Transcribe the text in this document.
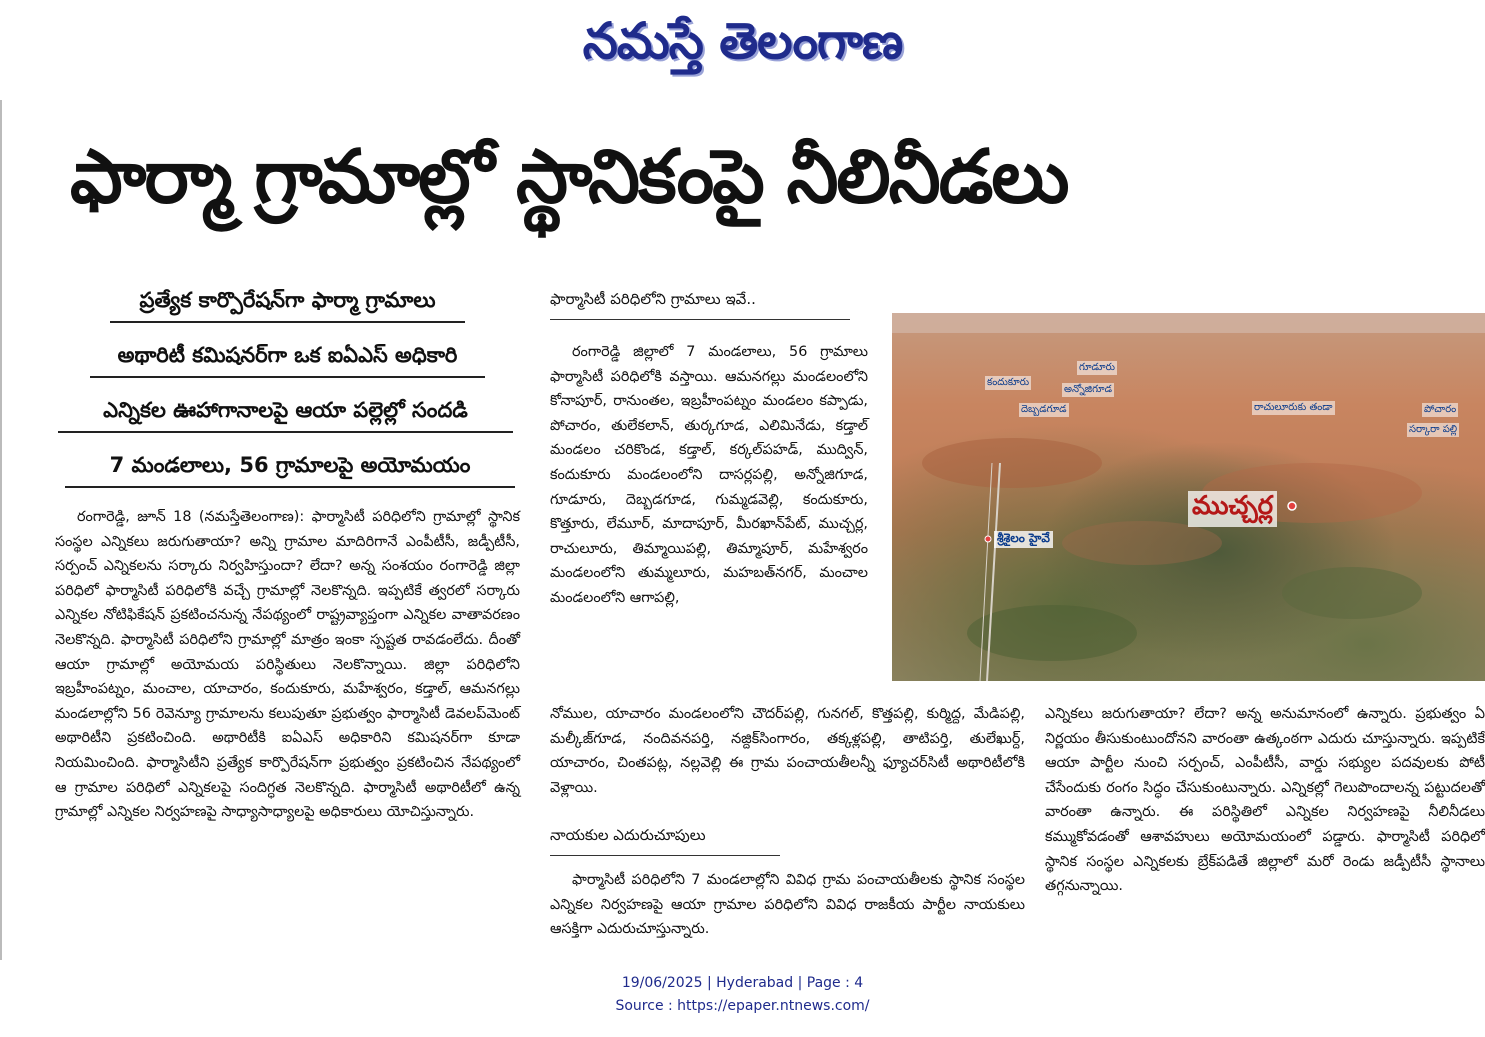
నమస్తే తెలంగాణ
ఫార్మా గ్రామాల్లో స్థానికంపై నీలినీడలు
ప్రత్యేక కార్పొరేషన్‌గా ఫార్మా గ్రామాలు
అథారిటీ కమిషనర్‌గా ఒక ఐఏఎస్‌ అధికారి
ఎన్నికల ఊహాగానాలపై ఆయా పల్లెల్లో సందడి
7 మండలాలు, 56 గ్రామాలపై అయోమయం

రంగారెడ్డి, జూన్‌ 18 (నమస్తేతెలంగాణ): ఫార్మాసిటీ పరిధిలోని గ్రామాల్లో స్థానిక సంస్థల ఎన్నికలు జరుగుతాయా? అన్ని గ్రామాల మాదిరిగానే ఎంపీటీసీ, జడ్పీటీసీ, సర్పంచ్‌ ఎన్నికలను సర్కారు నిర్వహిస్తుందా? లేదా? అన్న సంశయం రంగారెడ్డి జిల్లా పరిధిలో ఫార్మాసిటీ పరిధిలోకి వచ్చే గ్రామాల్లో నెలకొన్నది. ఇప్పటికే త్వరలో సర్కారు ఎన్నికల నోటిఫికేషన్‌ ప్రకటించనున్న నేపథ్యంలో రాష్ట్రవ్యాప్తంగా ఎన్నికల వాతావరణం నెలకొన్నది. ఫార్మాసిటీ పరిధిలోని గ్రామాల్లో మాత్రం ఇంకా స్పష్టత రావడంలేదు. దీంతో ఆయా గ్రామాల్లో అయోమయ పరిస్థితులు నెలకొన్నాయి. జిల్లా పరిధిలోని ఇబ్రహీంపట్నం, మంచాల, యాచారం, కందుకూరు, మహేశ్వరం, కడ్తాల్‌, ఆమనగల్లు మండలాల్లోని 56 రెవెన్యూ గ్రామాలను కలుపుతూ ప్రభుత్వం ఫార్మాసిటీ డెవలప్‌మెంట్‌ అథారిటీని ప్రకటించింది. అథారిటీకి ఐఏఎస్‌ అధికారిని కమిషనర్‌గా కూడా నియమించింది. ఫార్మాసిటీని ప్రత్యేక కార్పొరేషన్‌గా ప్రభుత్వం ప్రకటించిన నేపథ్యంలో ఆ గ్రామాల పరిధిలో ఎన్నికలపై సందిగ్ధత నెలకొన్నది. ఫార్మాసిటీ అథారిటీలో ఉన్న గ్రామాల్లో ఎన్నికల నిర్వహణపై సాధ్యాసాధ్యాలపై అధికారులు యోచిస్తున్నారు.

ఫార్మాసిటీ పరిధిలోని గ్రామాలు ఇవే..

రంగారెడ్డి జిల్లాలో 7 మండలాలు, 56 గ్రామాలు ఫార్మాసిటీ పరిధిలోకి వస్తాయి. ఆమనగల్లు మండలంలోని కోనాపూర్‌, రానుంతల, ఇబ్రహీంపట్నం మండలం కప్పాడు, పోచారం, తులేకలాన్‌, తుర్కగూడ, ఎలిమినేడు, కడ్తాల్‌ మండలం చరికొండ, కడ్తాల్‌, కర్కల్‌పహడ్‌, ముద్విన్‌, కందుకూరు మండలంలోని దాసర్లపల్లి, అన్నోజిగూడ, గూడూరు, దెబ్బడగూడ, గుమ్మడవెల్లి, కందుకూరు, కొత్తూరు, లేమూర్‌, మాదాపూర్‌, మీరఖాన్‌పేట్‌, ముచ్చర్ల, రాచులూరు, తిమ్మాయిపల్లి, తిమ్మాపూర్‌, మహేశ్వరం మండలంలోని తుమ్మలూరు, మహబత్‌నగర్‌, మంచాల మండలంలోని ఆగాపల్లి,

నోముల, యాచారం మండలంలోని చౌదర్‌పల్లి, గునగల్‌, కొత్తపల్లి, కుర్మిద్ద, మేడిపల్లి, మల్కీజ్‌గూడ, నందివనపర్తి, నజ్దిక్‌సింగారం, తక్కళ్లపల్లి, తాటిపర్తి, తులేఖుర్ద్‌, యాచారం, చింతపట్ల, నల్లవెల్లి ఈ గ్రామ పంచాయతీలన్నీ ఫ్యూచర్‌సిటీ అథారిటీలోకి వెళ్లాయి.

నాయకుల ఎదురుచూపులు

ఫార్మాసిటీ పరిధిలోని 7 మండలాల్లోని వివిధ గ్రామ పంచాయతీలకు స్థానిక సంస్థల ఎన్నికల నిర్వహణపై ఆయా గ్రామాల పరిధిలోని వివిధ రాజకీయ పార్టీల నాయకులు ఆసక్తిగా ఎదురుచూస్తున్నారు.

ఎన్నికలు జరుగుతాయా? లేదా? అన్న అనుమానంలో ఉన్నారు. ప్రభుత్వం ఏ నిర్ణయం తీసుకుంటుందోనని వారంతా ఉత్కంఠగా ఎదురు చూస్తున్నారు. ఇప్పటికే ఆయా పార్టీల నుంచి సర్పంచ్‌, ఎంపీటీసీ, వార్డు సభ్యుల పదవులకు పోటీ చేసేందుకు రంగం సిద్ధం చేసుకుంటున్నారు. ఎన్నికల్లో గెలుపొందాలన్న పట్టుదలతో వారంతా ఉన్నారు. ఈ పరిస్థితిలో ఎన్నికల నిర్వహణపై నీలినీడలు కమ్ముకోవడంతో ఆశావహులు అయోమయంలో పడ్డారు. ఫార్మాసిటీ పరిధిలో స్థానిక సంస్థల ఎన్నికలకు బ్రేక్‌పడితే జిల్లాలో మరో రెండు జడ్పీటీసీ స్థానాలు తగ్గనున్నాయి.

కందుకూరు
గూడూరు
అన్నోజిగూడ
దెబ్బడగూడ	రాచులూరుకు తండా	పోచారం
సర్కారా పల్లి
శ్రీశైలం హైవే
ముచ్చర్ల
19/06/2025 | Hyderabad | Page : 4
Source : https://epaper.ntnews.com/
